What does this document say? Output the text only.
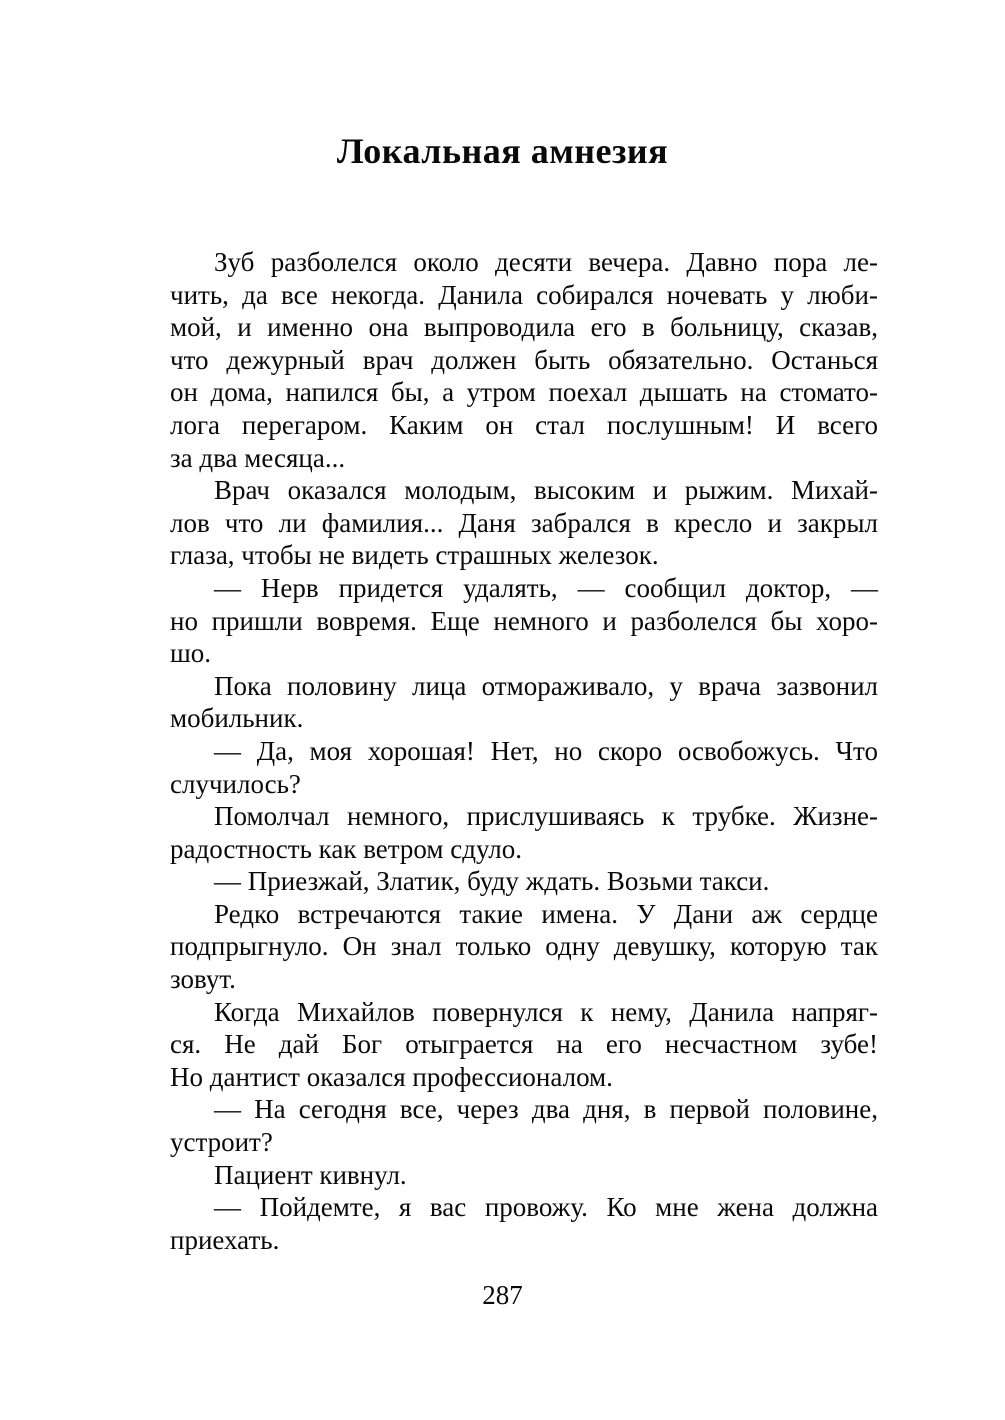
Локальная амнезия
Зуб разболелся около десяти вечера. Давно пора ле-
чить, да все некогда. Данила собирался ночевать у люби-
мой, и именно она выпроводила его в больницу, сказав,
что дежурный врач должен быть обязательно. Останься
он дома, напился бы, а утром поехал дышать на стомато-
лога перегаром. Каким он стал послушным! И всего
за два месяца...
Врач оказался молодым, высоким и рыжим. Михай-
лов что ли фамилия... Даня забрался в кресло и закрыл
глаза, чтобы не видеть страшных железок.
— Нерв придется удалять, — сообщил доктор, —
но пришли вовремя. Еще немного и разболелся бы хоро-
шо.
Пока половину лица отмораживало, у врача зазвонил
мобильник.
— Да, моя хорошая! Нет, но скоро освобожусь. Что
случилось?
Помолчал немного, прислушиваясь к трубке. Жизне-
радостность как ветром сдуло.
— Приезжай, Златик, буду ждать. Возьми такси.
Редко встречаются такие имена. У Дани аж сердце
подпрыгнуло. Он знал только одну девушку, которую так
зовут.
Когда Михайлов повернулся к нему, Данила напряг-
ся. Не дай Бог отыграется на его несчастном зубе!
Но дантист оказался профессионалом.
— На сегодня все, через два дня, в первой половине,
устроит?
Пациент кивнул.
— Пойдемте, я вас провожу. Ко мне жена должна
приехать.
287
